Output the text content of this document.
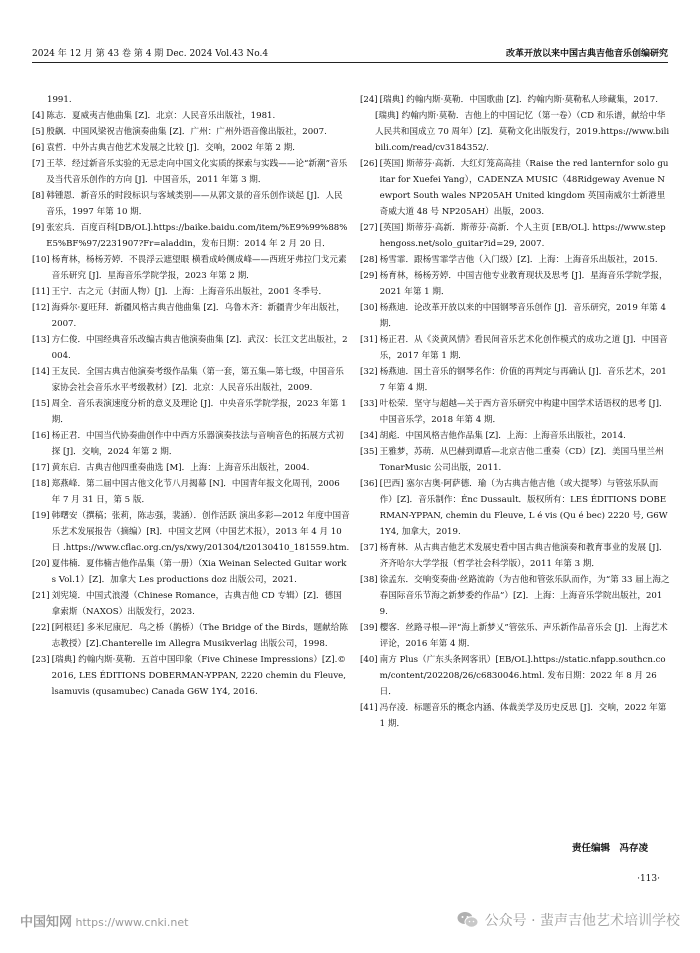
2024 年 12 月 第 43 卷 第 4 期 Dec. 2024 Vol.43 No.4	改革开放以来中国古典吉他音乐创编研究
1991.
[4] 陈志．夏威夷吉他曲集 [Z]．北京：人民音乐出版社，1981.
[5] 殷飙．中国风梁祝吉他演奏曲集 [Z]．广州：广州外语音像出版社，2007.
[6] 袁哲．中外古典吉他艺术发展之比较 [J]．交响，2002 年第 2 期．
[7] 王萃．经过新音乐实验的无忌走向中国文化实质的探索与实践——论“新潮”音乐及当代音乐创作的方向 [J]．中国音乐，2011 年第 3 期．
[8] 韩锺恩．新音乐的时段标识与客域类别——从郭文景的音乐创作谈起 [J]．人民音乐，1997 年第 10 期．
[9] 张宏兵．百度百科[DB/OL].https://baike.baidu.com/item/%E9%99%88%E5%BF%97/2231907?Fr=aladdin，发布日期：2014 年 2 月 20 日．
[10] 杨育林，杨杨芳婷．不畏浮云遮望眼 横看成岭侧成峰——西班牙弗拉门戈元素音乐研究 [J]．星海音乐学院学报，2023 年第 2 期．
[11] 王宁．古之元（封面人物）[J]．上海：上海音乐出版社，2001 冬季号．
[12] 海舜尔·夏旺拜．新疆风格古典吉他曲集 [Z]．乌鲁木齐：新疆青少年出版社，2007.
[13] 方仁俊．中国经典音乐改编古典吉他演奏曲集 [Z]．武汉：长江文艺出版社，2004.
[14] 王友民．全国古典吉他演奏考级作品集（第一套，第五集—第七级，中国音乐家协会社会音乐水平考级教材）[Z]．北京：人民音乐出版社，2009.
[15] 周全．音乐表演速度分析的意义及理论 [J]．中央音乐学院学报，2023 年第 1 期．
[16] 杨正君．中国当代协奏曲创作中中西方乐器演奏技法与音响音色的拓展方式初探 [J]．交响，2024 年第 2 期．
[17] 黄东启．古典吉他四重奏曲选 [M]．上海：上海音乐出版社，2004.
[18] 郑燕峰．第二届中国古他文化节八月揭幕 [N]．中国青年报文化周刊，2006 年 7 月 31 日，第 5 版．
[19] 韩曙安（撰稿；张莉，陈志强，裴涵）．创作活跃 演出多彩—2012 年度中国音乐艺术发展报告（摘编）[R]．中国文艺网（中国艺术报），2013 年 4 月 10 日 .https://www.cflac.org.cn/ys/xwy/201304/t20130410_181559.htm.
[20] 夏伟楠．夏伟楠吉他作品集（第一册）（Xia Weinan Selected Guitar works Vol.1）[Z]．加拿大 Les productions doz 出版公司，2021.
[21] 刘宪境．中国式浪漫（Chinese Romance，古典吉他 CD 专辑）[Z]．德国拿索斯（NAXOS）出版发行，2023.
[22] [阿根廷] 多米尼康尼．鸟之桥（鹊桥）（The Bridge of the Birds，题献给陈志教授）[Z].Chanterelle im Allegra Musikverlag 出版公司，1998.
[23] [瑞典] 约翰内斯·莫勒．五首中国印象（Five Chinese Impressions）[Z].©2016, LES ÉDITIONS DOBERMAN-YPPAN, 2220 chemin du Fleuve, lsamuvis (qusamubec) Canada G6W 1Y4, 2016.
[24] [瑞典] 约翰内斯·莫勒．中国歌曲 [Z]．约翰内斯·莫勒私人珍藏集，2017.
[瑞典] 约翰内斯·莫勒．吉他上的中国记忆（第一卷）（CD 和乐谱，献给中华人民共和国成立 70 周年）[Z]．莫勒文化出版发行，2019.https://www.bilibili.com/read/cv3184352/.
[26] [英国] 斯蒂芬·高新．大红灯笼高高挂（Raise the red lanternfor solo guitar for Xuefei Yang），CADENZA MUSIC（48Ridgeway Avenue Newport South wales NP205AH United kingdom 英国南威尔士新港里奇威大道 48 号 NP205AH）出版，2003.
[27] [英国] 斯蒂芬·高新．斯蒂芬·高新．个人主页 [EB/OL]. https://www.stephengoss.net/solo_guitar?id=29, 2007.
[28] 杨雪霏．跟杨雪霏学吉他（入门级）[Z]．上海：上海音乐出版社，2015.
[29] 杨育林，杨杨芳婷．中国吉他专业教育现状及思考 [J]．星海音乐学院学报，2021 年第 1 期．
[30] 杨燕迪．论改革开放以来的中国钢琴音乐创作 [J]．音乐研究，2019 年第 4 期．
[31] 杨正君．从《炎黄风情》看民间音乐艺术化创作模式的成功之道 [J]．中国音乐，2017 年第 1 期．
[32] 杨燕迪．国土音乐的钢琴名作：价值的再判定与再确认 [J]．音乐艺术，2017 年第 4 期．
[33] 叶松荣．坚守与超越—关于西方音乐研究中构建中国学术话语权的思考 [J]．中国音乐学，2018 年第 4 期．
[34] 胡彪．中国风格吉他作品集 [Z]．上海：上海音乐出版社，2014.
[35] 王雅梦，苏萌．从巴赫到谭盾—北京吉他二重奏（CD）[Z]．美国马里兰州 TonarMusic 公司出版，2011.
[36] [巴西] 塞尔吉奥·阿萨德．瑜（为古典吉他吉他（或大提琴）与管弦乐队而作）[Z]．音乐制作：Énc Dussault．版权所有：LES ÉDITIONS DOBERMAN-YPPAN, chemin du Fleuve, L é vis (Qu é bec) 2220 号, G6W 1Y4, 加拿大，2019.
[37] 杨育林．从古典吉他艺术发展史看中国古典吉他演奏和教育事业的发展 [J]．齐齐哈尔大学学报（哲学社会科学版），2011 年第 3 期．
[38] 徐孟东．交响变奏曲·丝路流韵（为吉他和管弦乐队而作，为“第 33 届上海之春国际音乐节海之新梦委约作品”）[Z]．上海：上海音乐学院出版社，2019.
[39] 樱客．丝路寻根—评“海上新梦乂”管弦乐、声乐新作品音乐会 [J]．上海艺术评论，2016 年第 4 期．
[40] 南方 Plus（广东头条网客讯）[EB/OL].https://static.nfapp.southcn.com/content/202208/26/c6830046.html. 发布日期：2022 年 8 月 26 日．
[41] 冯存凌．标题音乐的概念内涵、体裁美学及历史反思 [J]．交响，2022 年第 1 期．
责任编辑　冯存凌
·113·
中国知网 https://www.cnki.net	公众号 · 蜚声吉他艺术培训学校
